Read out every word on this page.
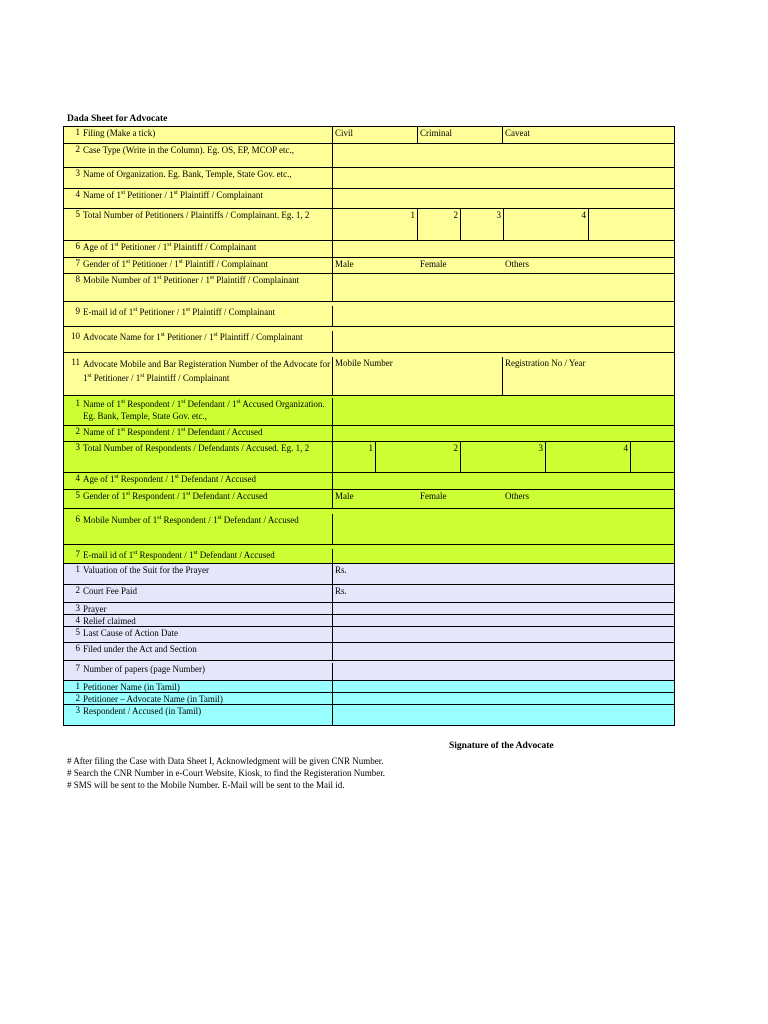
Dada Sheet for Advocate
1 Filing (Make a tick)	Civil	Criminal	Caveat
2 Case Type (Write in the Column). Eg. OS, EP, MCOP etc.,
3 Name of Organization. Eg. Bank, Temple, State Gov. etc.,
4 Name of 1st Petitioner / 1st Plaintiff / Complainant
5 Total Number of Petitioners / Plaintiffs / Complainant. Eg. 1, 2	1	2	3	4
6 Age of 1st Petitioner / 1st Plaintiff / Complainant
7 Gender of 1st Petitioner / 1st Plaintiff / Complainant	Male	Female	Others
8 Mobile Number of 1st Petitioner / 1st Plaintiff / Complainant
9 E-mail id of 1st Petitioner / 1st Plaintiff / Complainant
10 Advocate Name for 1st Petitioner / 1st Plaintiff / Complainant
11 Advocate Mobile and Bar Registeration Number of the Advocate for 1st Petitioner / 1st Plaintiff / Complainant
Mobile Number	Registration No / Year
1 Name of 1st Respondent / 1st Defendant / 1st Accused Organization. Eg. Bank, Temple, State Gov. etc.,
2 Name of 1st Respondent / 1st Defendant / Accused
3 Total Number of Respondents / Defendants / Accused. Eg. 1, 2	1	2	3	4
4 Age of 1st Respondent / 1st Defendant / Accused
5 Gender of 1st Respondent / 1st Defendant / Accused	Male	Female	Others
6 Mobile Number of 1st Respondent / 1st Defendant / Accused
7 E-mail id of 1st Respondent / 1st Defendant / Accused
1 Valuation of the Suit for the Prayer	Rs.
2 Court Fee Paid	Rs.
3 Prayer
4 Relief claimed
5 Last Cause of Action Date
6 Filed under the Act and Section
7 Number of papers (page Number)
1 Petitioner Name (in Tamil)
2 Petitioner – Advocate Name (in Tamil)
3 Respondent / Accused (in Tamil)
Signature of the Advocate
# After filing the Case with Data Sheet I, Acknowledgment will be given CNR Number.
# Search the CNR Number in e-Court Website, Kiosk, to find the Registeration Number.
# SMS will be sent to the Mobile Number. E-Mail will be sent to the Mail id.
